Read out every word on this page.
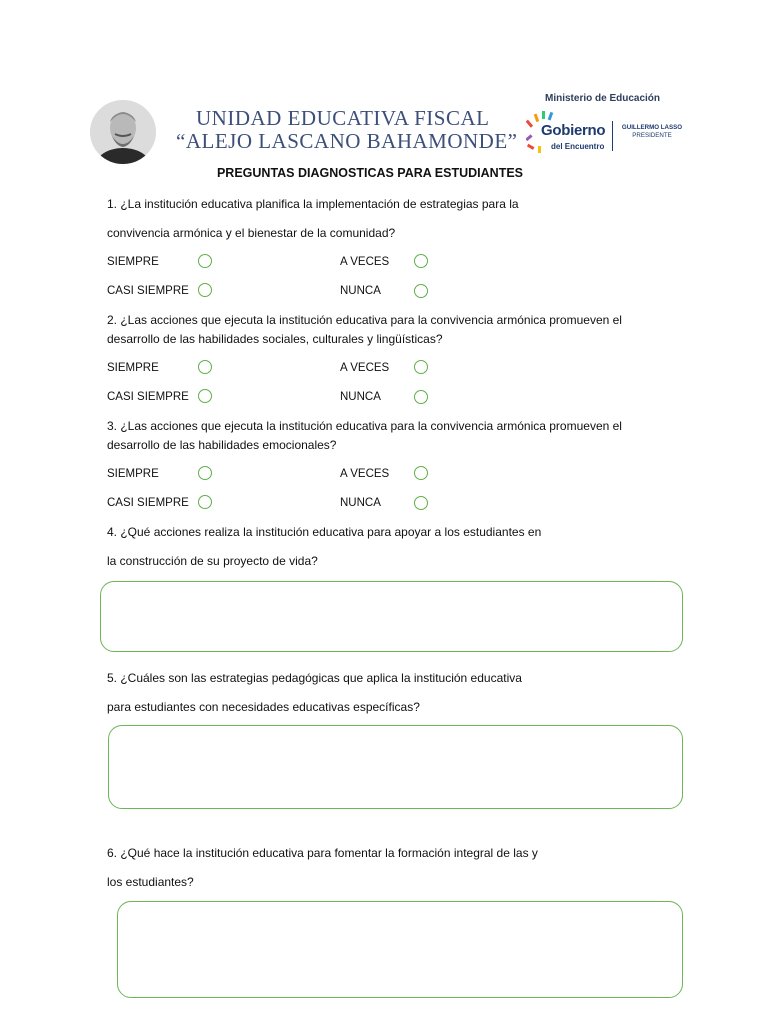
UNIDAD EDUCATIVA FISCAL
“ALEJO LASCANO BAHAMONDE”
Ministerio de Educación
Gobierno
del Encuentro
GUILLERMO LASSO
PRESIDENTE
PREGUNTAS DIAGNOSTICAS PARA ESTUDIANTES
1. ¿La institución educativa planifica la implementación de estrategias para la
convivencia armónica y el bienestar de la comunidad?
SIEMPRE	A VECES
CASI SIEMPRE	NUNCA
2. ¿Las acciones que ejecuta la institución educativa para la convivencia armónica promueven el
desarrollo de las habilidades sociales, culturales y lingüísticas?
SIEMPRE	A VECES
CASI SIEMPRE	NUNCA
3. ¿Las acciones que ejecuta la institución educativa para la convivencia armónica promueven el
desarrollo de las habilidades emocionales?
SIEMPRE	A VECES
CASI SIEMPRE	NUNCA
4. ¿Qué acciones realiza la institución educativa para apoyar a los estudiantes en
la construcción de su proyecto de vida?
5. ¿Cuáles son las estrategias pedagógicas que aplica la institución educativa
para estudiantes con necesidades educativas específicas?
6. ¿Qué hace la institución educativa para fomentar la formación integral de las y
los estudiantes?
